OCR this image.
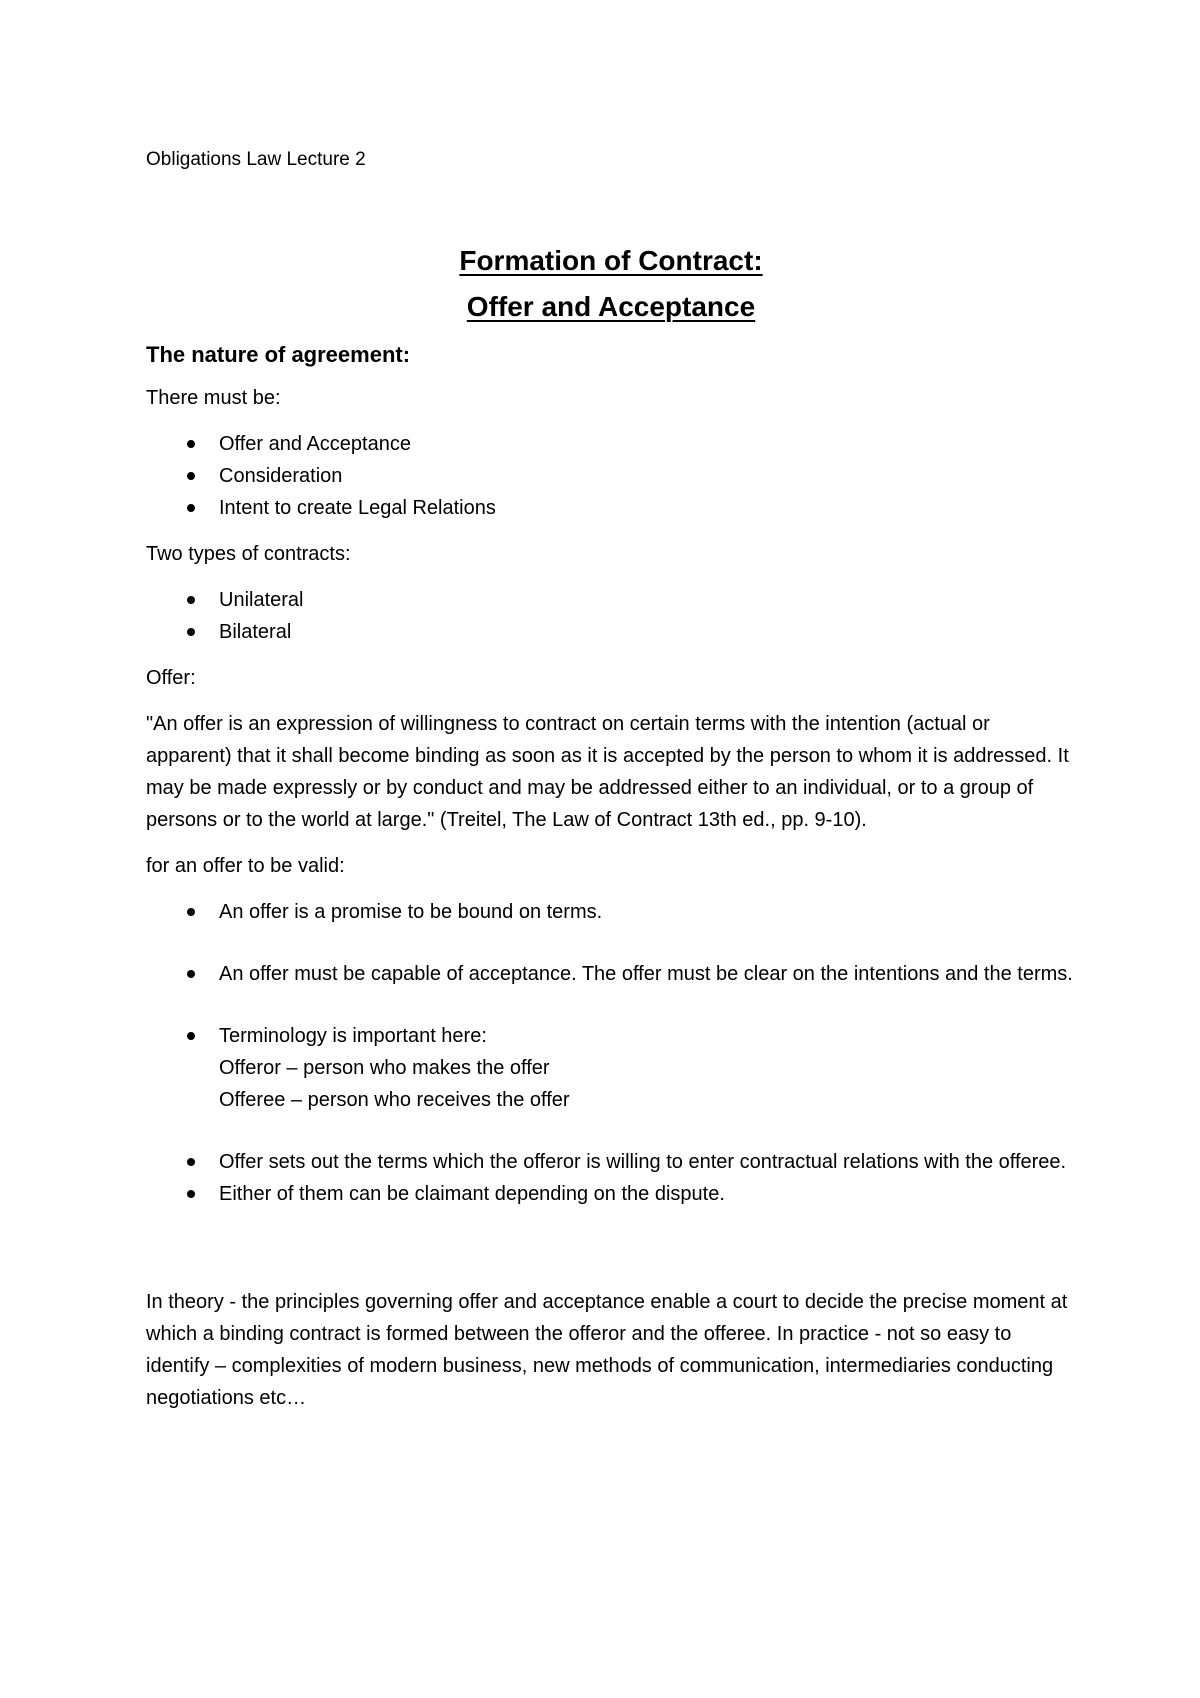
Obligations Law Lecture 2
Formation of Contract:
Offer and Acceptance
The nature of agreement:

There must be:

Offer and Acceptance
Consideration
Intent to create Legal Relations

Two types of contracts:

Unilateral
Bilateral

Offer:

"An offer is an expression of willingness to contract on certain terms with the intention (actual or apparent) that it shall become binding as soon as it is accepted by the person to whom it is addressed. It may be made expressly or by conduct and may be addressed either to an individual, or to a group of persons or to the world at large." (Treitel, The Law of Contract 13th ed., pp. 9-10).

for an offer to be valid:

An offer is a promise to be bound on terms.
An offer must be capable of acceptance. The offer must be clear on the intentions and the terms.
Terminology is important here:
Offeror – person who makes the offer
Offeree – person who receives the offer
Offer sets out the terms which the offeror is willing to enter contractual relations with the offeree.
Either of them can be claimant depending on the dispute.

In theory - the principles governing offer and acceptance enable a court to decide the precise moment at which a binding contract is formed between the offeror and the offeree. In practice - not so easy to identify – complexities of modern business, new methods of communication, intermediaries conducting negotiations etc…
